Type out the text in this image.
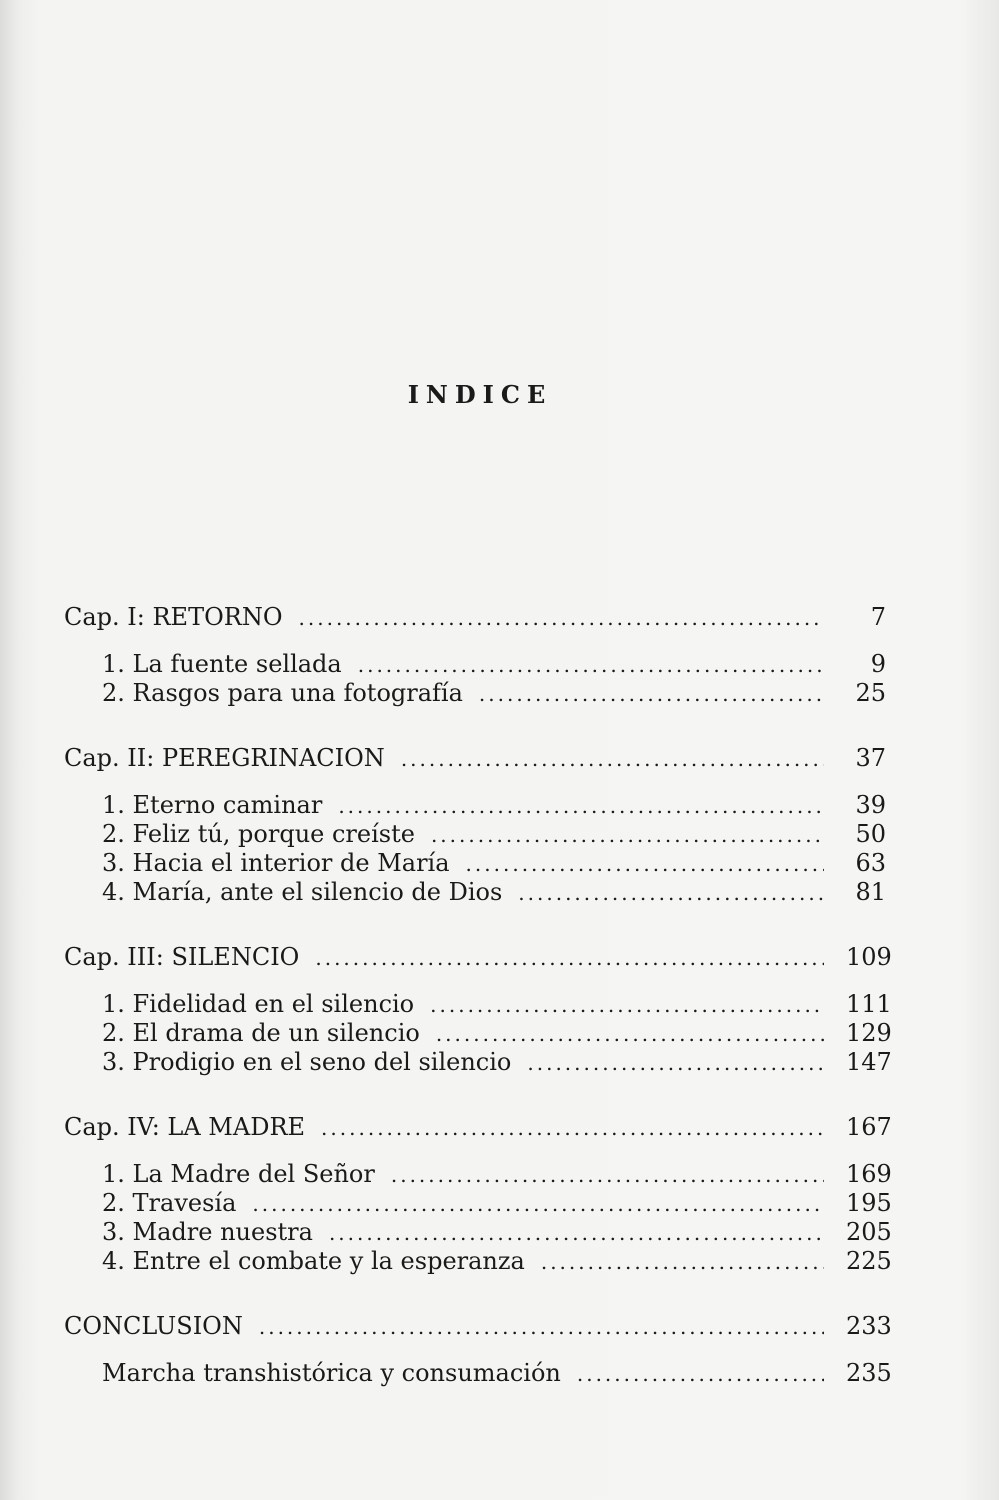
INDICE
Cap. I: RETORNO .....	7
1. La fuente sellada .....	9
2. Rasgos para una fotografía .....	25
Cap. II: PEREGRINACION .....	37
1. Eterno caminar .....	39
2. Feliz tú, porque creíste .....	50
3. Hacia el interior de María .....	63
4. María, ante el silencio de Dios .....	81
Cap. III: SILENCIO .....	109
1. Fidelidad en el silencio .....	111
2. El drama de un silencio .....	129
3. Prodigio en el seno del silencio .....	147
Cap. IV: LA MADRE .....	167
1. La Madre del Señor .....	169
2. Travesía .....	195
3. Madre nuestra .....	205
4. Entre el combate y la esperanza .....	225
CONCLUSION .....	233
Marcha transhistórica y consumación .....	235
